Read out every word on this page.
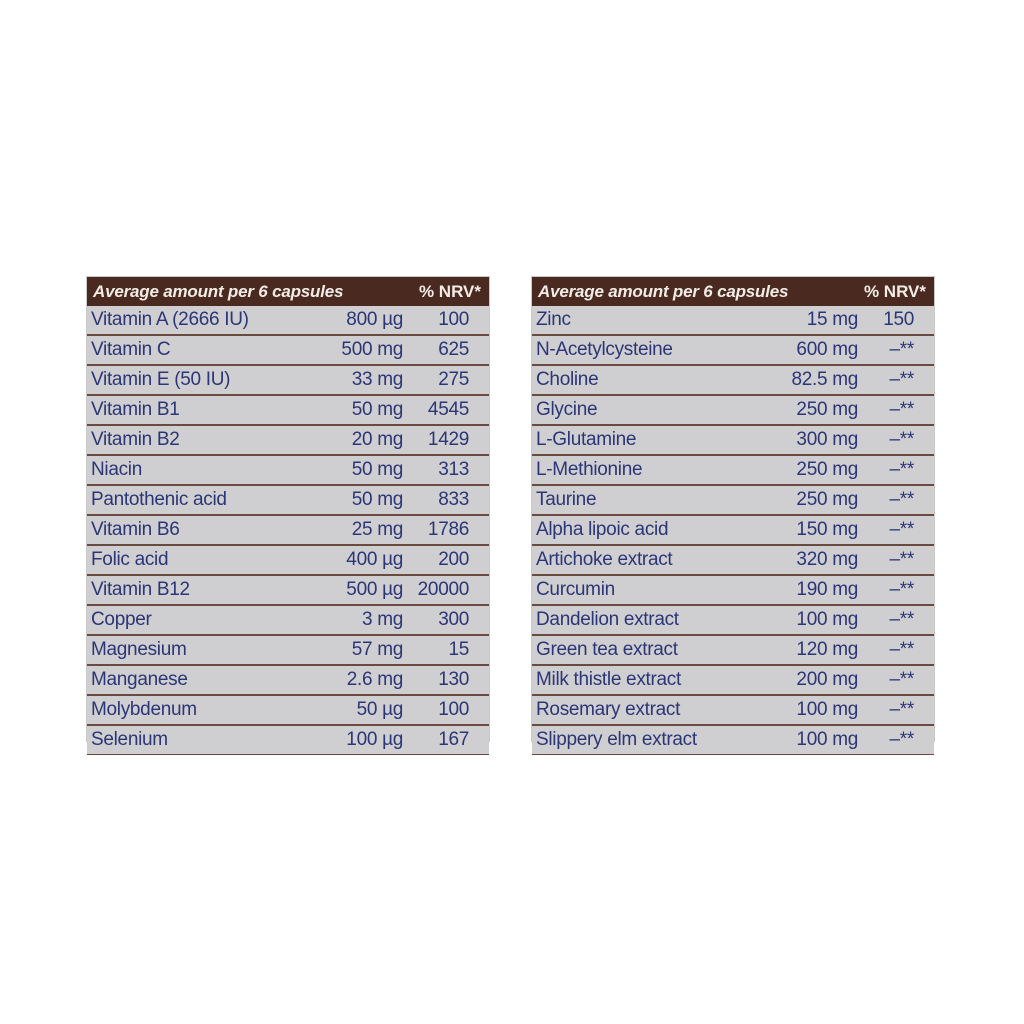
Average amount per 6 capsules	% NRV*
Vitamin A (2666 IU)	800 µg 100
Vitamin C	500 mg 625
Vitamin E (50 IU)	33 mg 275
Vitamin B1	50 mg 4545
Vitamin B2	20 mg 1429
Niacin	50 mg 313
Pantothenic acid	50 mg 833
Vitamin B6	25 mg 1786
Folic acid	400 µg 200
Vitamin B12	500 µg 20000
Copper	3 mg 300
Magnesium	57 mg 15
Manganese	2.6 mg 130
Molybdenum	50 µg 100
Selenium	100 µg 167
Average amount per 6 capsules	% NRV*
Zinc	15 mg 150
N-Acetylcysteine	600 mg –**
Choline	82.5 mg –**
Glycine	250 mg –**
L-Glutamine	300 mg –**
L-Methionine	250 mg –**
Taurine	250 mg –**
Alpha lipoic acid	150 mg –**
Artichoke extract	320 mg –**
Curcumin	190 mg –**
Dandelion extract	100 mg –**
Green tea extract	120 mg –**
Milk thistle extract	200 mg –**
Rosemary extract	100 mg –**
Slippery elm extract	100 mg –**
